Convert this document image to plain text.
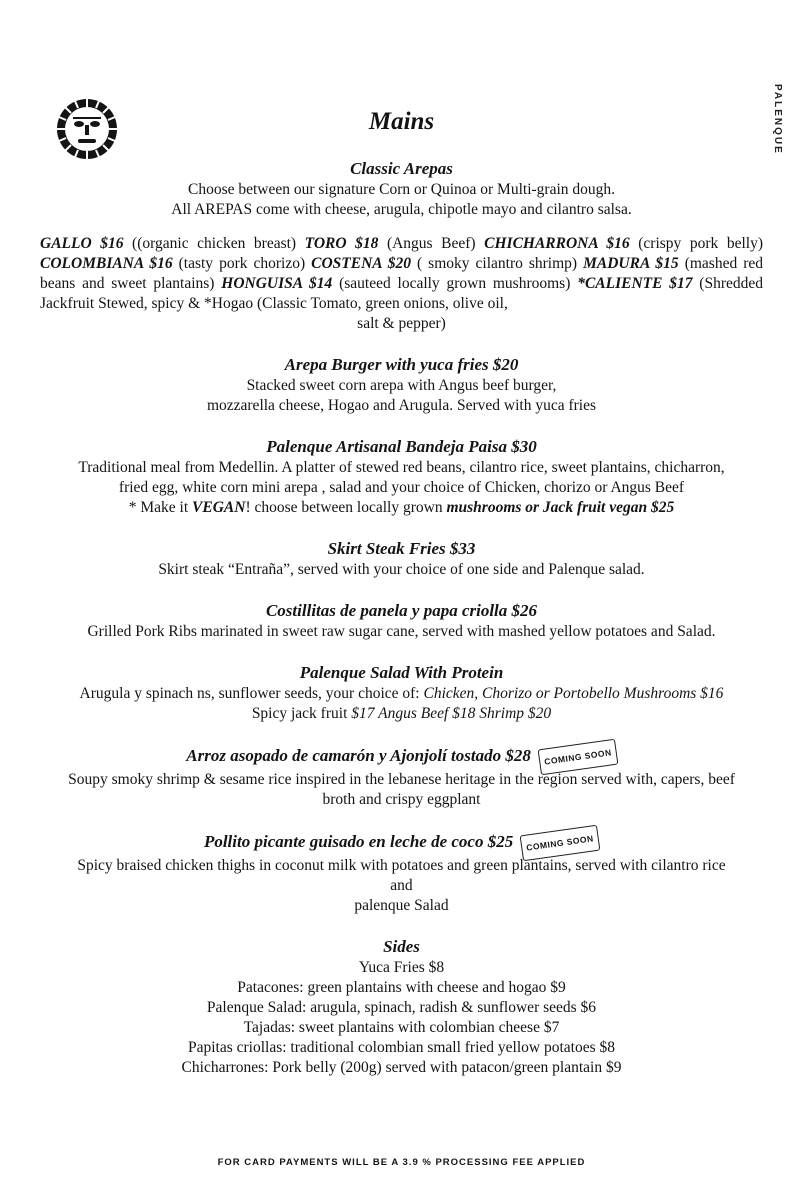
PALENQUE
Mains

Classic Arepas

Choose between our signature Corn or Quinoa or Multi-grain dough.

All AREPAS come with cheese, arugula, chipotle mayo and cilantro salsa.

GALLO $16 ((organic chicken breast) TORO $18 (Angus Beef) CHICHARRONA $16 (crispy pork belly) COLOMBIANA $16 (tasty pork chorizo) COSTENA $20 ( smoky cilantro shrimp) MADURA $15 (mashed red beans and sweet plantains) HONGUISA $14 (sauteed locally grown mushrooms) *CALIENTE $17 (Shredded Jackfruit Stewed, spicy & *Hogao (Classic Tomato, green onions, olive oil,
salt & pepper)

Arepa Burger with yuca fries $20

Stacked sweet corn arepa with Angus beef burger,

mozzarella cheese, Hogao and Arugula. Served with yuca fries

Palenque Artisanal Bandeja Paisa $30

Traditional meal from Medellin. A platter of stewed red beans, cilantro rice, sweet plantains, chicharron,

fried egg, white corn mini arepa , salad and your choice of Chicken, chorizo or Angus Beef

* Make it VEGAN! choose between locally grown mushrooms or Jack fruit vegan $25

Skirt Steak Fries $33

Skirt steak “Entraña”, served with your choice of one side and Palenque salad.

Costillitas de panela y papa criolla $26

Grilled Pork Ribs marinated in sweet raw sugar cane, served with mashed yellow potatoes and Salad.

Palenque Salad With Protein

Arugula y spinach ns, sunflower seeds, your choice of: Chicken, Chorizo or Portobello Mushrooms $16

Spicy jack fruit $17 Angus Beef $18 Shrimp $20

Arroz asopado de camarón y Ajonjolí tostado $28 COMING SOON

Soupy smoky shrimp & sesame rice inspired in the lebanese heritage in the region served with, capers, beef

broth and crispy eggplant

Pollito picante guisado en leche de coco $25 COMING SOON

Spicy braised chicken thighs in coconut milk with potatoes and green plantains, served with cilantro rice

and

palenque Salad

Sides

Yuca Fries $8

Patacones: green plantains with cheese and hogao $9

Palenque Salad: arugula, spinach, radish & sunflower seeds $6

Tajadas: sweet plantains with colombian cheese $7

Papitas criollas: traditional colombian small fried yellow potatoes $8

Chicharrones: Pork belly (200g) served with patacon/green plantain $9

FOR CARD PAYMENTS WILL BE A 3.9 % PROCESSING FEE APPLIED
